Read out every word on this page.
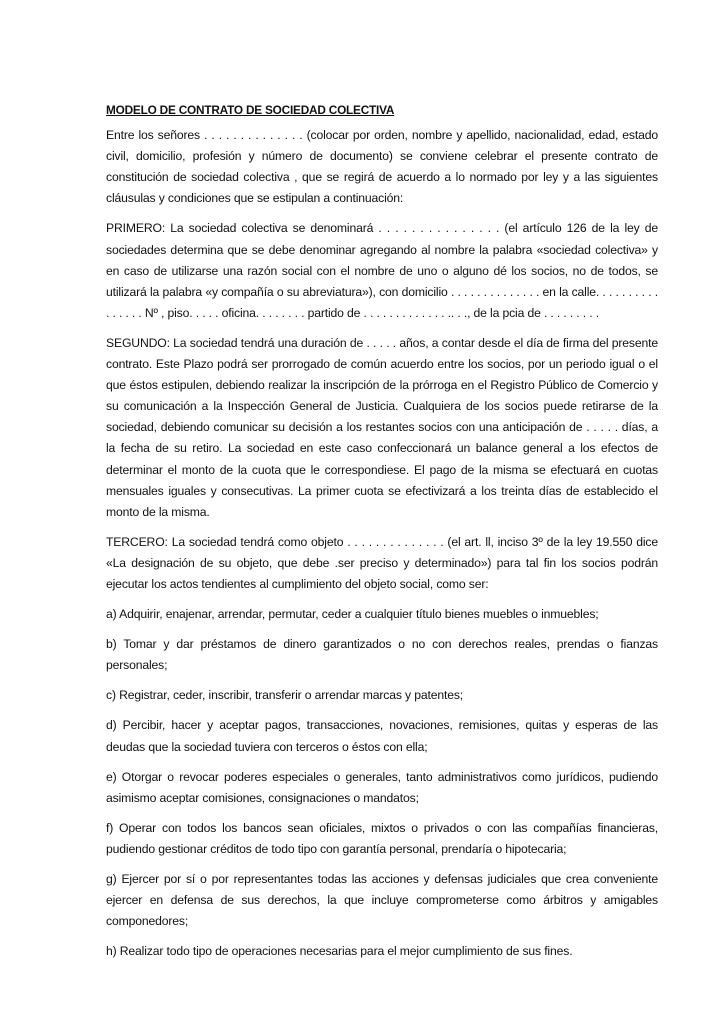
MODELO DE CONTRATO DE SOCIEDAD COLECTIVA

Entre los señores . . . . . . . . . . . . . . (colocar por orden, nombre y apellido, nacionalidad, edad, estado civil, domicilio, profesión y número de documento) se conviene celebrar el presente contrato de constitución de sociedad colectiva , que se regirá de acuerdo a lo normado por ley y a las siguientes cláusulas y condiciones que se estipulan a continuación:

PRIMERO: La sociedad colectiva se denominará . . . . . . . . . . . . . . . (el artículo 126 de la ley de sociedades determina que se debe denominar agregando al nombre la palabra «sociedad colectiva» y en caso de utilizarse una razón social con el nombre de uno o alguno dé los socios, no de todos, se utilizará la palabra «y compañía o su abreviatura»), con domicilio . . . . . . . . . . . . . . en la calle. . . . . . . . . . . . . . . . Nº , piso. . . . . oficina. . . . . . . . partido de . . . . . . . . . . . . . .. . ., de la pcia de . . . . . . . . .

SEGUNDO: La sociedad tendrá una duración de . . . . . años, a contar desde el día de firma del presente contrato. Este Plazo podrá ser prorrogado de común acuerdo entre los socios, por un periodo igual o el que éstos estipulen, debiendo realizar la inscripción de la prórroga en el Registro Público de Comercio y su comunicación a la Inspección General de Justicia. Cualquiera de los socios puede retirarse de la sociedad, debiendo comunicar su decisión a los restantes socios con una anticipación de . . . . . días, a la fecha de su retiro. La sociedad en este caso confeccionará un balance general a los efectos de determinar el monto de la cuota que le correspondiese. El pago de la misma se efectuará en cuotas mensuales iguales y consecutivas. La primer cuota se efectivizará a los treinta días de establecido el monto de la misma.

TERCERO: La sociedad tendrá como objeto . . . . . . . . . . . . . . (el art. ll, inciso 3º de la ley 19.550 dice «La designación de su objeto, que debe .ser preciso y determinado») para tal fin los socios podrán ejecutar los actos tendientes al cumplimiento del objeto social, como ser:

a) Adquirir, enajenar, arrendar, permutar, ceder a cualquier título bienes muebles o inmuebles;

b) Tomar y dar préstamos de dinero garantizados o no con derechos reales, prendas o fianzas personales;

c) Registrar, ceder, inscribir, transferir o arrendar marcas y patentes;

d) Percibir, hacer y aceptar pagos, transacciones, novaciones, remisiones, quitas y esperas de las deudas que la sociedad tuviera con terceros o éstos con ella;

e) Otorgar o revocar poderes especiales o generales, tanto administrativos como jurídicos, pudiendo asimismo aceptar comisiones, consignaciones o mandatos;

f) Operar con todos los bancos sean oficiales, mixtos o privados o con las compañías financieras, pudiendo gestionar créditos de todo tipo con garantía personal, prendaría o hipotecaria;

g) Ejercer por sí o por representantes todas las acciones y defensas judiciales que crea conveniente ejercer en defensa de sus derechos, la que incluye comprometerse como árbitros y amigables componedores;

h) Realizar todo tipo de operaciones necesarias para el mejor cumplimiento de sus fines.
